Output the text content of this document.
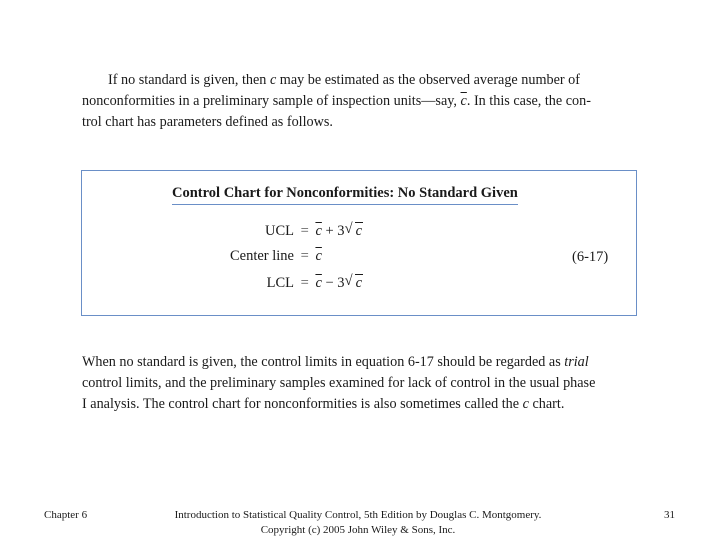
If no standard is given, then c may be estimated as the observed average number of
nonconformities in a preliminary sample of inspection units—say, $\overline{c}$. In this case, the con-
trol chart has parameters defined as follows.
Control Chart for Nonconformities: No Standard Given
UCL = $\overline{c} + 3$ √ c
Center line = $\overline{c}$
LCL = $\overline{c} - 3$ √ c
(6-17)
When no standard is given, the control limits in equation 6-17 should be regarded as trial
control limits, and the preliminary samples examined for lack of control in the usual phase
I analysis. The control chart for nonconformities is also sometimes called the c chart.
Chapter 6	Introduction to Statistical Quality Control, 5th Edition by Douglas C. Montgomery.
Copyright (c) 2005 John Wiley & Sons, Inc.
31
